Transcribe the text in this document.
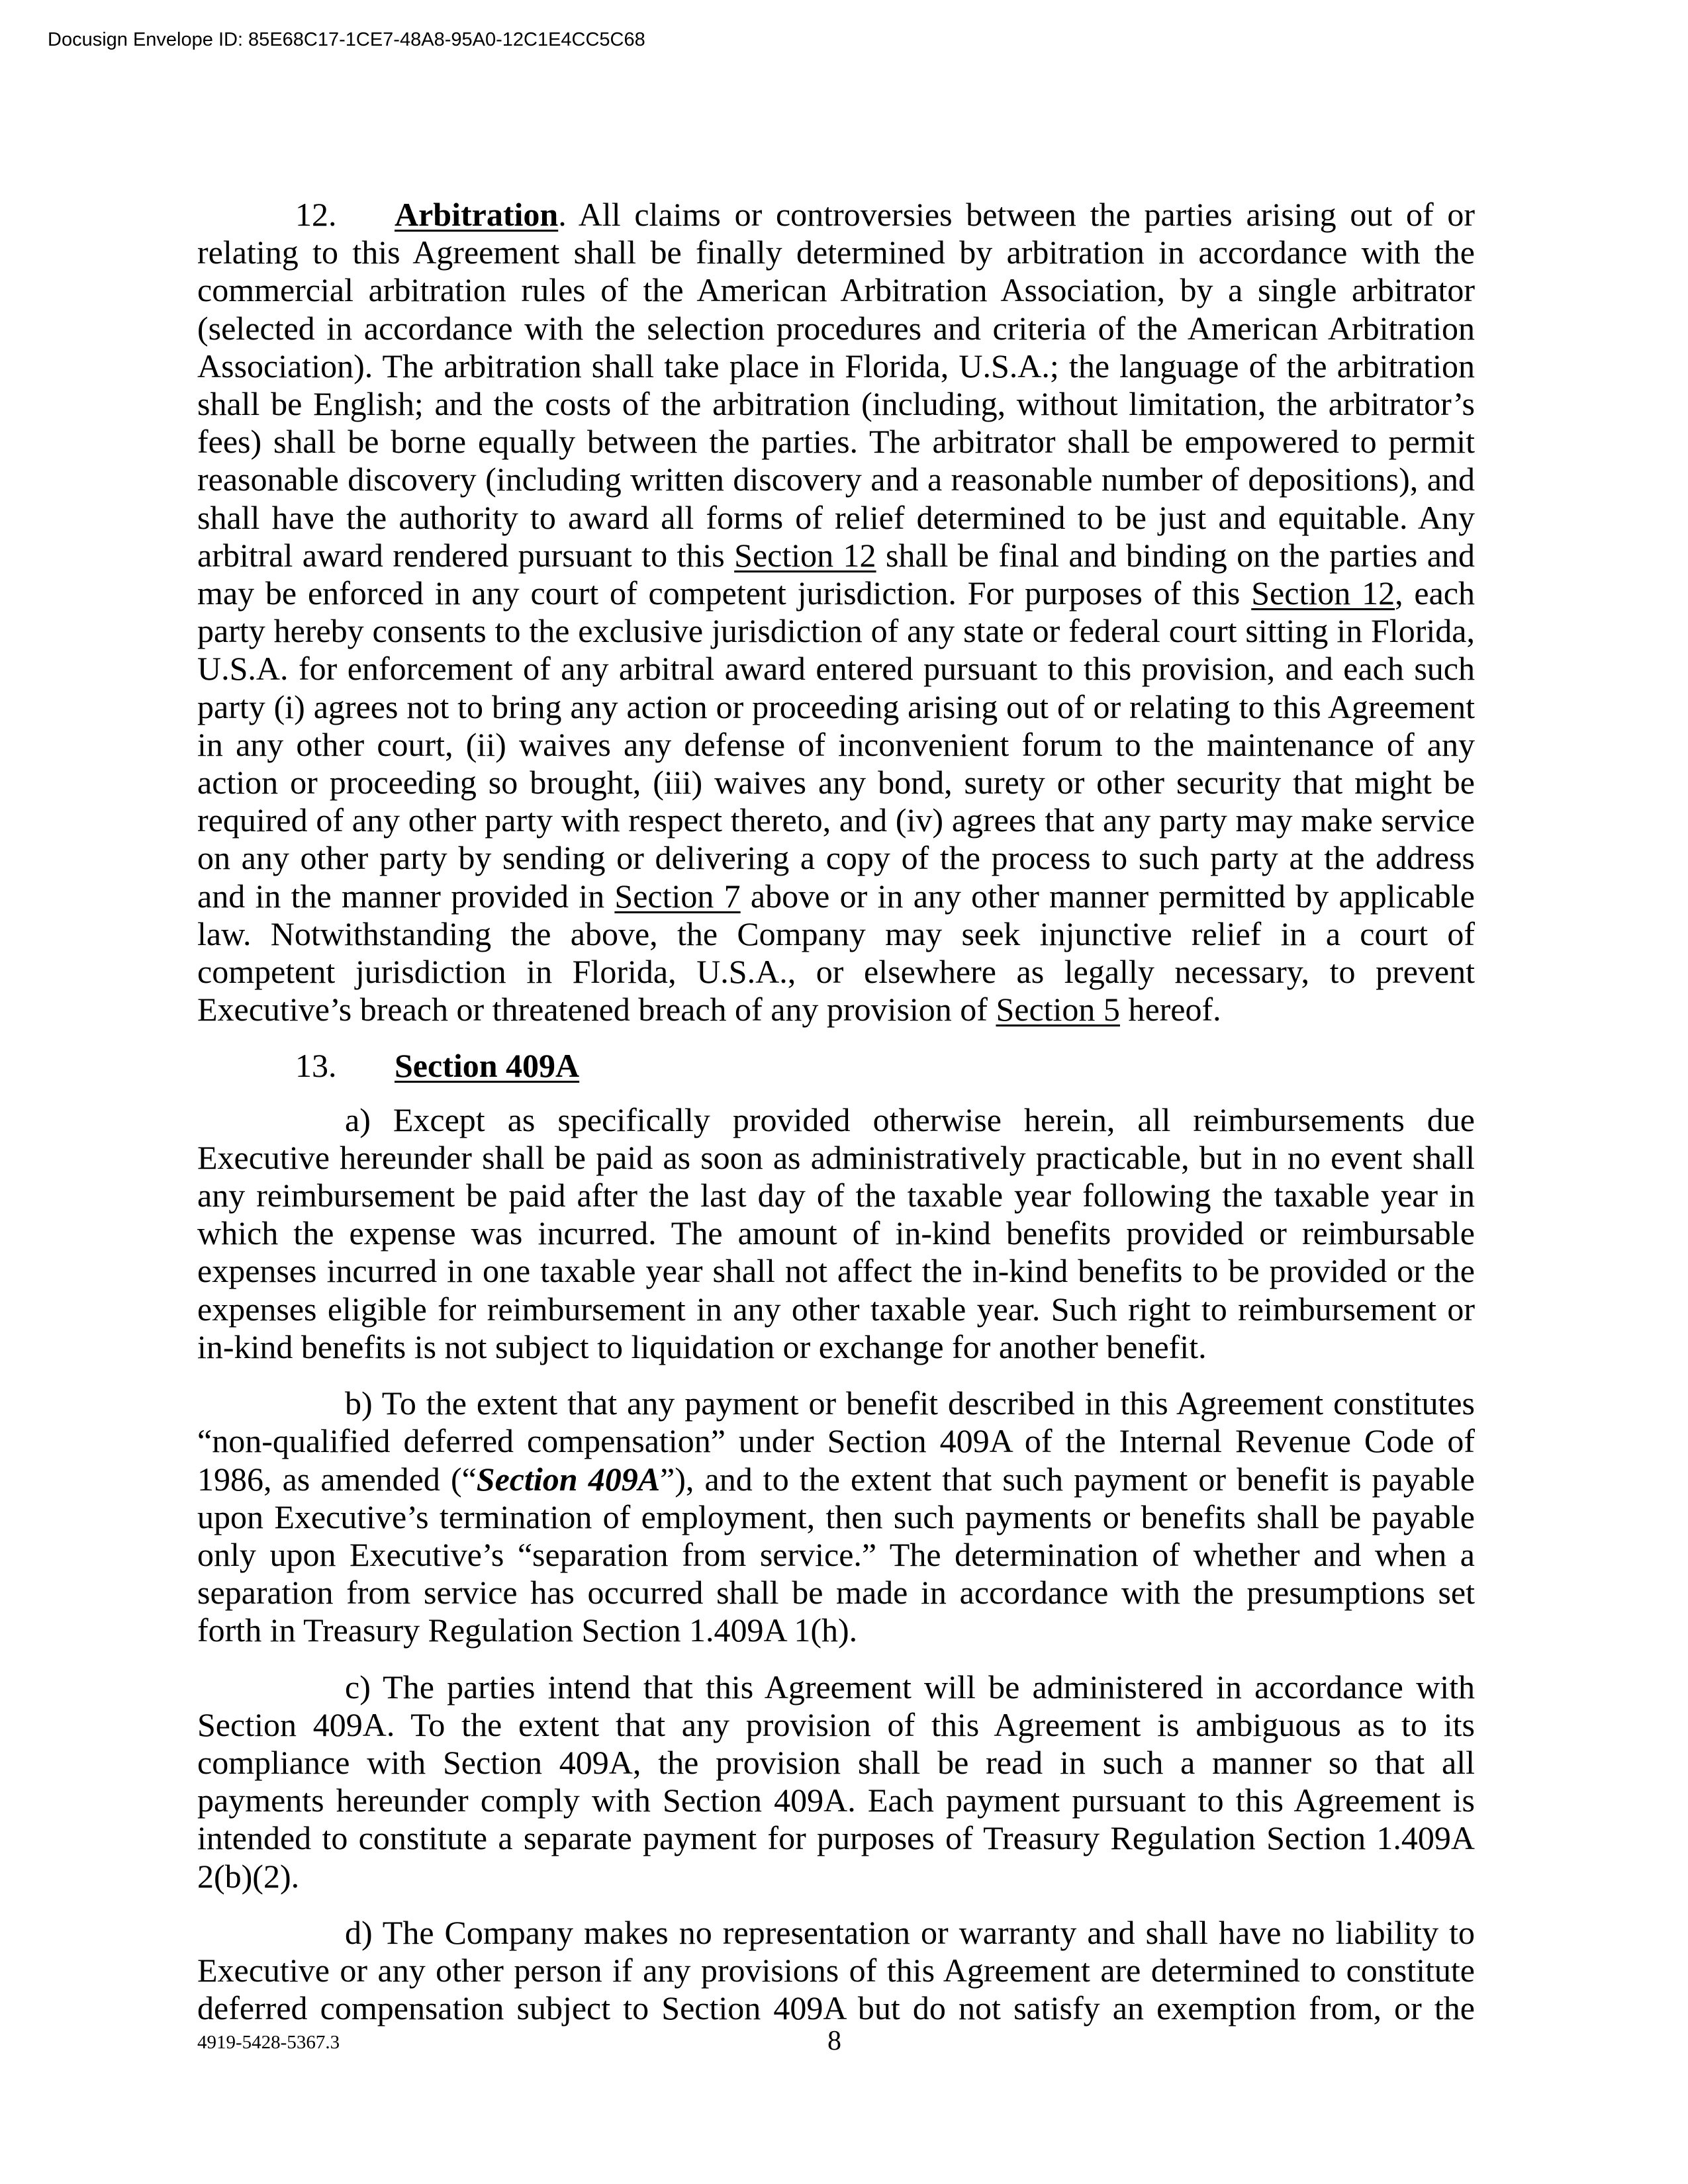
Docusign Envelope ID: 85E68C17-1CE7-48A8-95A0-12C1E4CC5C68

12. Arbitration. All claims or controversies between the parties arising out of or relating to this Agreement shall be finally determined by arbitration in accordance with the commercial arbitration rules of the American Arbitration Association, by a single arbitrator (selected in accordance with the selection procedures and criteria of the American Arbitration Association). The arbitration shall take place in Florida, U.S.A.; the language of the arbitration shall be English; and the costs of the arbitration (including, without limitation, the arbitrator’s fees) shall be borne equally between the parties. The arbitrator shall be empowered to permit reasonable discovery (including written discovery and a reasonable number of depositions), and shall have the authority to award all forms of relief determined to be just and equitable. Any arbitral award rendered pursuant to this Section 12 shall be final and binding on the parties and may be enforced in any court of competent jurisdiction. For purposes of this Section 12, each party hereby consents to the exclusive jurisdiction of any state or federal court sitting in Florida, U.S.A. for enforcement of any arbitral award entered pursuant to this provision, and each such party (i) agrees not to bring any action or proceeding arising out of or relating to this Agreement in any other court, (ii) waives any defense of inconvenient forum to the maintenance of any action or proceeding so brought, (iii) waives any bond, surety or other security that might be required of any other party with respect thereto, and (iv) agrees that any party may make service on any other party by sending or delivering a copy of the process to such party at the address and in the manner provided in Section 7 above or in any other manner permitted by applicable law. Notwithstanding the above, the Company may seek injunctive relief in a court of competent jurisdiction in Florida, U.S.A., or elsewhere as legally necessary, to prevent Executive’s breach or threatened breach of any provision of Section 5 hereof.

13. Section 409A

a) Except as specifically provided otherwise herein, all reimbursements due Executive hereunder shall be paid as soon as administratively practicable, but in no event shall any reimbursement be paid after the last day of the taxable year following the taxable year in which the expense was incurred. The amount of in-kind benefits provided or reimbursable expenses incurred in one taxable year shall not affect the in-kind benefits to be provided or the expenses eligible for reimbursement in any other taxable year. Such right to reimbursement or in-kind benefits is not subject to liquidation or exchange for another benefit.

b) To the extent that any payment or benefit described in this Agreement constitutes “non-qualified deferred compensation” under Section 409A of the Internal Revenue Code of 1986, as amended (“Section 409A”), and to the extent that such payment or benefit is payable upon Executive’s termination of employment, then such payments or benefits shall be payable only upon Executive’s “separation from service.” The determination of whether and when a separation from service has occurred shall be made in accordance with the presumptions set forth in Treasury Regulation Section 1.409A 1(h).

c) The parties intend that this Agreement will be administered in accordance with Section 409A. To the extent that any provision of this Agreement is ambiguous as to its compliance with Section 409A, the provision shall be read in such a manner so that all payments hereunder comply with Section 409A. Each payment pursuant to this Agreement is intended to constitute a separate payment for purposes of Treasury Regulation Section 1.409A 2(b)(2).

d) The Company makes no representation or warranty and shall have no liability to Executive or any other person if any provisions of this Agreement are determined to constitute deferred compensation subject to Section 409A but do not satisfy an exemption from, or the

4919-5428-5367.3	8
